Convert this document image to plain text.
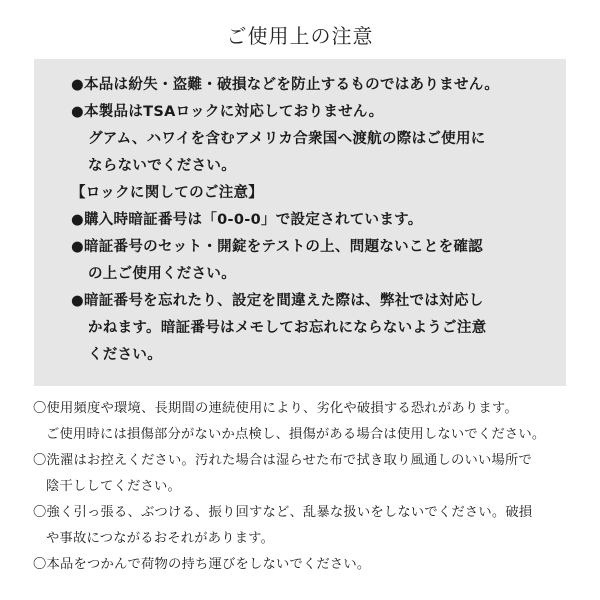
ご使用上の注意
●本品は紛失・盗難・破損などを防止するものではありません。
●本製品はTSAロックに対応しておりません。
グアム、ハワイを含むアメリカ合衆国へ渡航の際はご使用に
ならないでください。
【ロックに関してのご注意】
●購入時暗証番号は「0-0-0」で設定されています。
●暗証番号のセット・開錠をテストの上、問題ないことを確認
の上ご使用ください。
●暗証番号を忘れたり、設定を間違えた際は、弊社では対応し
かねます。暗証番号はメモしてお忘れにならないようご注意
ください。
〇使用頻度や環境、長期間の連続使用により、劣化や破損する恐れがあります。
ご使用時には損傷部分がないか点検し、損傷がある場合は使用しないでください。
〇洗濯はお控えください。汚れた場合は湿らせた布で拭き取り風通しのいい場所で
陰干ししてください。
〇強く引っ張る、ぶつける、振り回すなど、乱暴な扱いをしないでください。破損
や事故につながるおそれがあります。
〇本品をつかんで荷物の持ち運びをしないでください。
